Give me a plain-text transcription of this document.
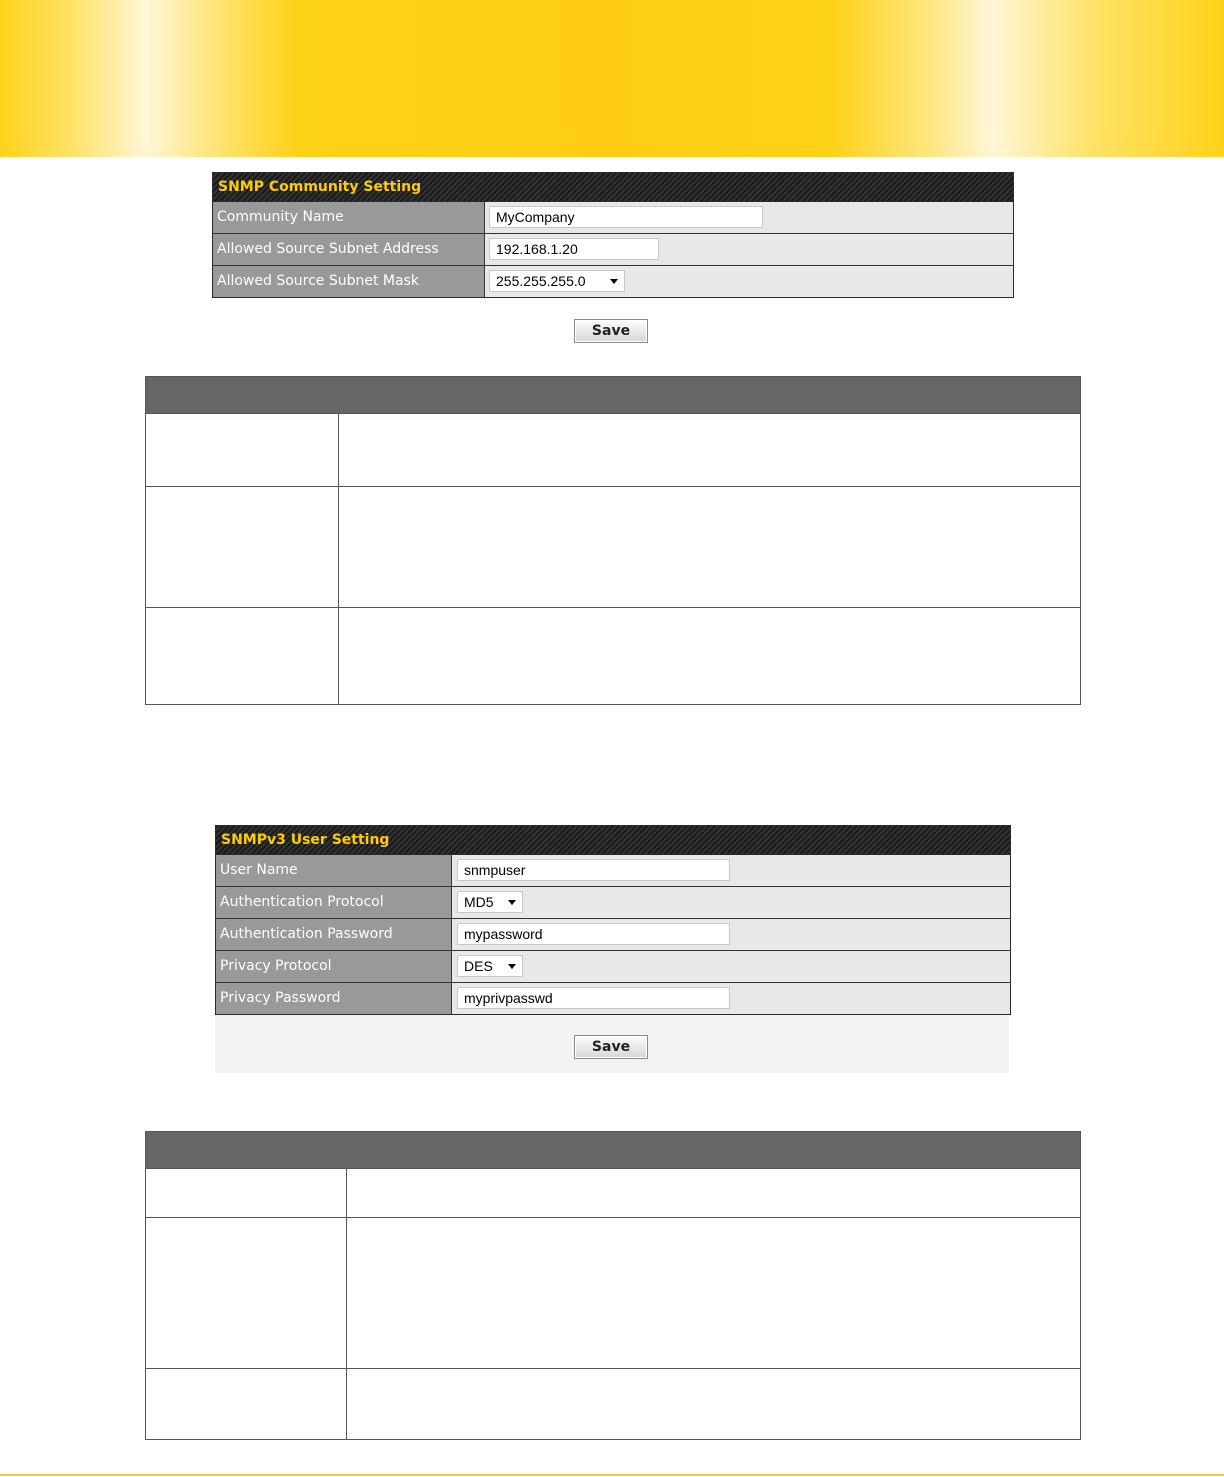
SNMP Community Setting
Community Name	MyCompany
Allowed Source Subnet Address	192.168.1.20
Allowed Source Subnet Mask	255.255.255.0
Save
SNMPv3 User Setting
User Name	snmpuser
Authentication Protocol	MD5
Authentication Password	mypassword
Privacy Protocol	DES
Privacy Password	myprivpasswd
Save
